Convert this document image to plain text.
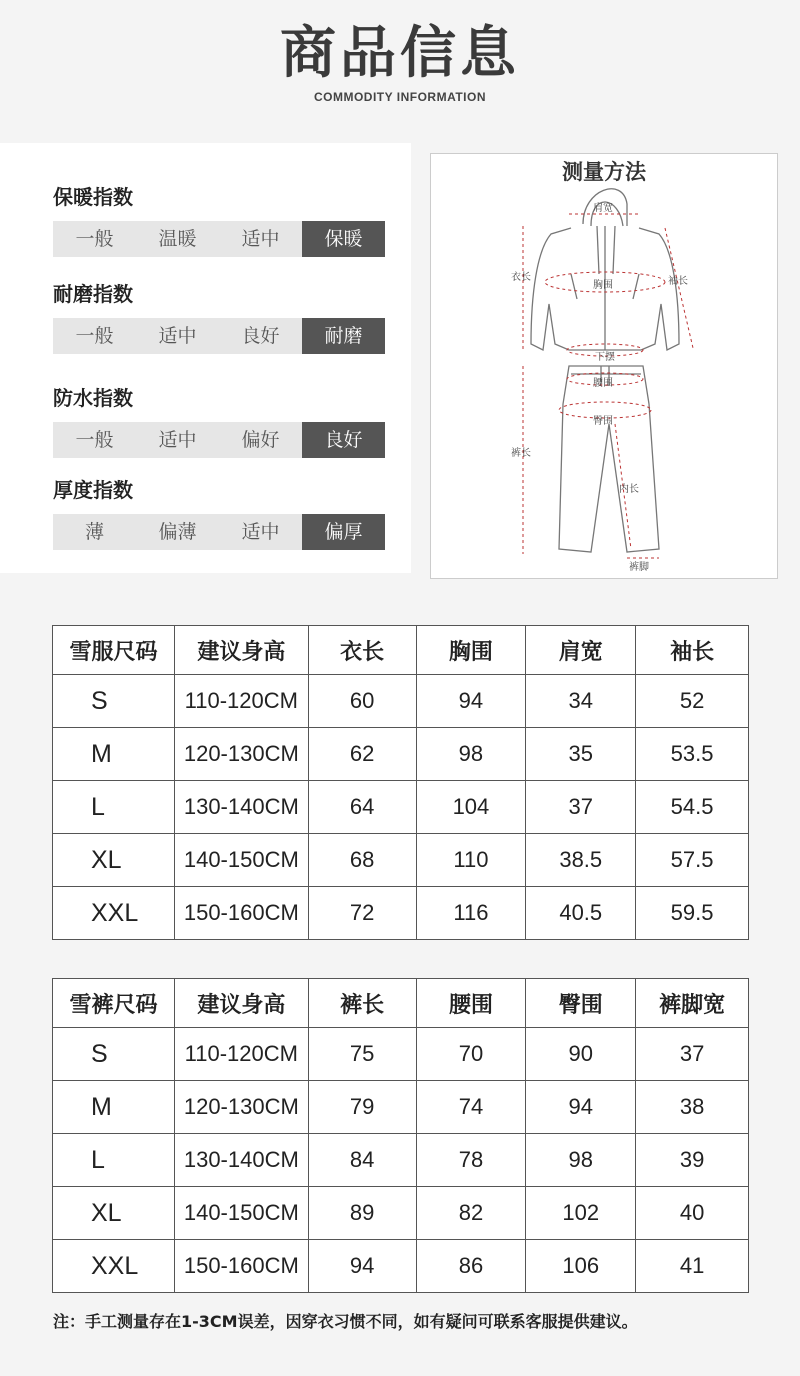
商品信息
COMMODITY INFORMATION
保暖指数
一般	温暖	适中	保暖
耐磨指数
一般	适中	良好	耐磨
防水指数
一般	适中	偏好	良好
厚度指数
薄	偏薄	适中	偏厚
测量方法
肩宽
衣长
胸围	袖长
下摆
腰围
裤长
臀围
内长
裤脚
雪服尺码	建议身高	衣长	胸围	肩宽	袖长
S	110-120CM	60	94	34	52
M	120-130CM	62	98	35	53.5
L	130-140CM	64	104	37	54.5
XL	140-150CM	68	110	38.5	57.5
XXL	150-160CM	72	116	40.5	59.5
雪裤尺码	建议身高	裤长	腰围	臀围	裤脚宽
S	110-120CM	75	70	90	37
M	120-130CM	79	74	94	38
L	130-140CM	84	78	98	39
XL	140-150CM	89	82	102	40
XXL	150-160CM	94	86	106	41
注：手工测量存在1-3CM误差，因穿衣习惯不同，如有疑问可联系客服提供建议。
